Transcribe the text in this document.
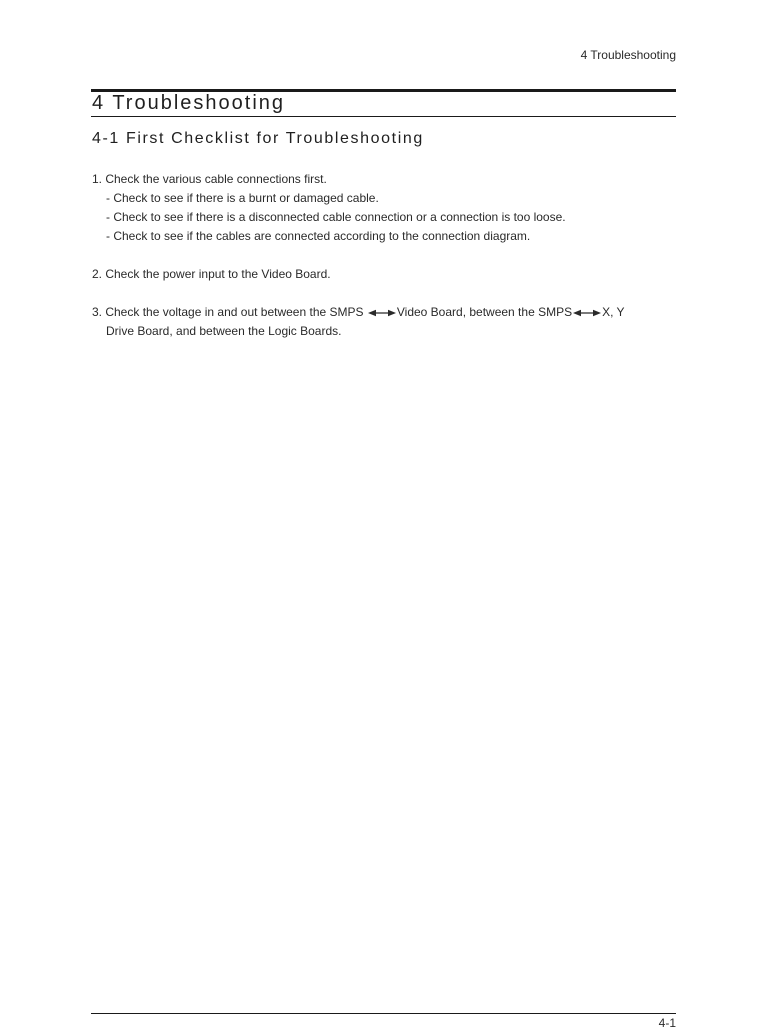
4 Troubleshooting
4 Troubleshooting
4-1 First Checklist for Troubleshooting
1. Check the various cable connections first.
- Check to see if there is a burnt or damaged cable.
- Check to see if there is a disconnected cable connection or a connection is too loose.
- Check to see if the cables are connected according to the connection diagram.
2. Check the power input to the Video Board.
3. Check the voltage in and out between the SMPS	Video Board, between the SMPS	X, Y
Drive Board, and between the Logic Boards.
4-1
